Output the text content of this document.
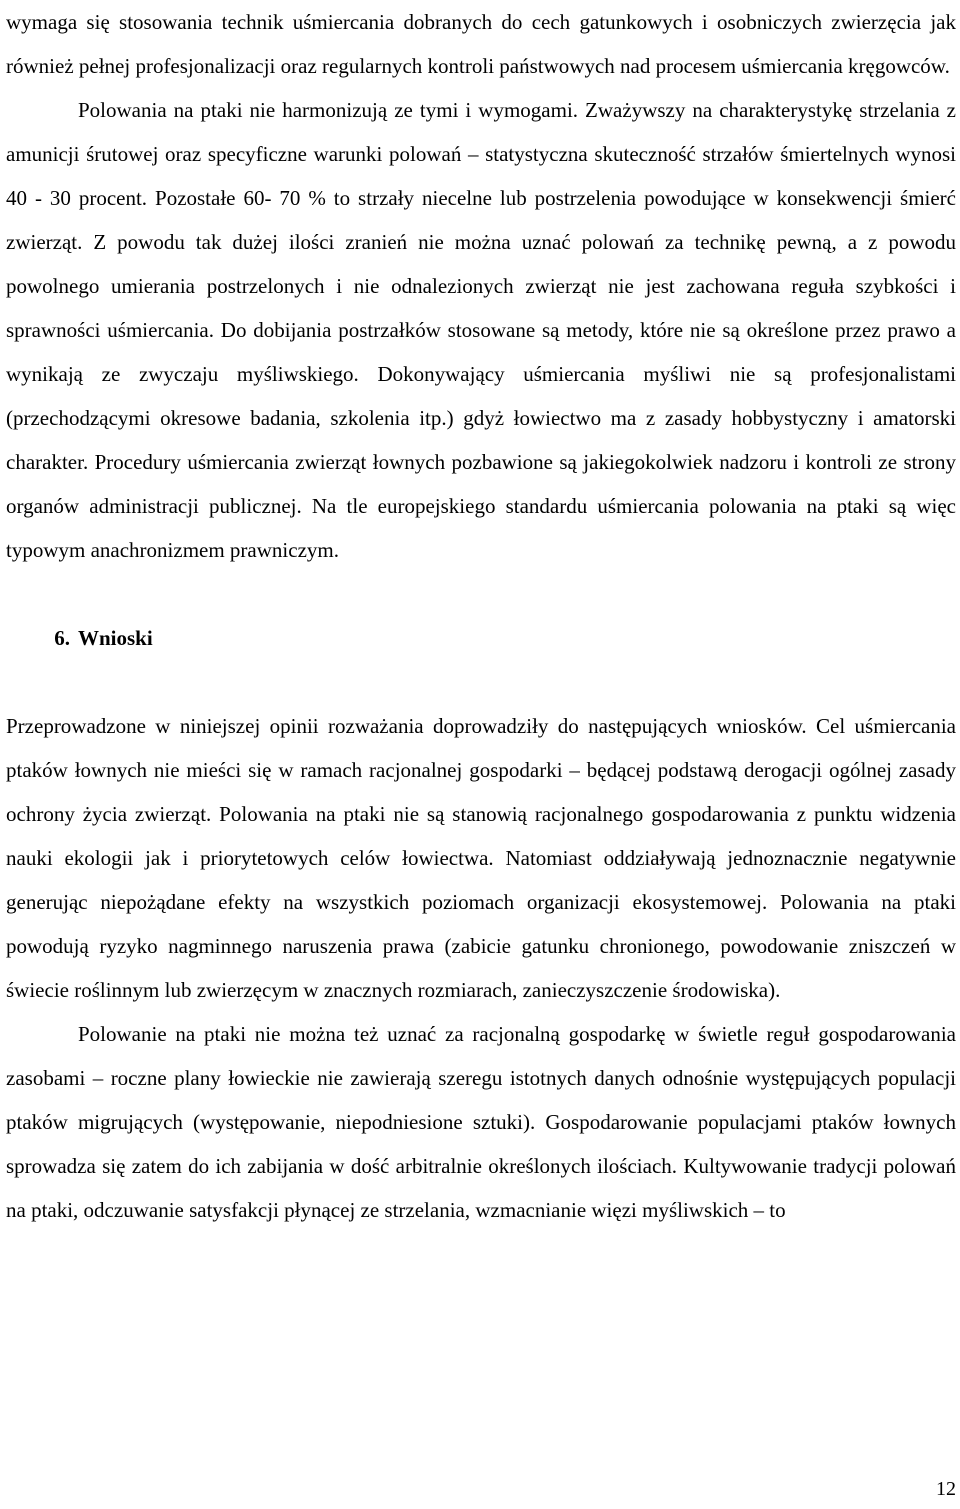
wymaga się stosowania technik uśmiercania dobranych do cech gatunkowych i osobniczych zwierzęcia jak również pełnej profesjonalizacji oraz regularnych kontroli państwowych nad procesem uśmiercania kręgowców.

Polowania na ptaki nie harmonizują ze tymi i wymogami. Zważywszy na charakterystykę strzelania z amunicji śrutowej oraz specyficzne warunki polowań – statystyczna skuteczność strzałów śmiertelnych wynosi 40 - 30 procent. Pozostałe 60- 70 % to strzały niecelne lub postrzelenia powodujące w konsekwencji śmierć zwierząt. Z powodu tak dużej ilości zranień nie można uznać polowań za technikę pewną, a z powodu powolnego umierania postrzelonych i nie odnalezionych zwierząt nie jest zachowana reguła szybkości i sprawności uśmiercania. Do dobijania postrzałków stosowane są metody, które nie są określone przez prawo a wynikają ze zwyczaju myśliwskiego. Dokonywający uśmiercania myśliwi nie są profesjonalistami (przechodzącymi okresowe badania, szkolenia itp.) gdyż łowiectwo ma z zasady hobbystyczny i amatorski charakter. Procedury uśmiercania zwierząt łownych pozbawione są jakiegokolwiek nadzoru i kontroli ze strony organów administracji publicznej. Na tle europejskiego standardu uśmiercania polowania na ptaki są więc typowym anachronizmem prawniczym.

6. Wnioski

Przeprowadzone w niniejszej opinii rozważania doprowadziły do następujących wniosków. Cel uśmiercania ptaków łownych nie mieści się w ramach racjonalnej gospodarki – będącej podstawą derogacji ogólnej zasady ochrony życia zwierząt. Polowania na ptaki nie są stanowią racjonalnego gospodarowania z punktu widzenia nauki ekologii jak i priorytetowych celów łowiectwa. Natomiast oddziaływają jednoznacznie negatywnie generując niepożądane efekty na wszystkich poziomach organizacji ekosystemowej. Polowania na ptaki powodują ryzyko nagminnego naruszenia prawa (zabicie gatunku chronionego, powodowanie zniszczeń w świecie roślinnym lub zwierzęcym w znacznych rozmiarach, zanieczyszczenie środowiska).

Polowanie na ptaki nie można też uznać za racjonalną gospodarkę w świetle reguł gospodarowania zasobami – roczne plany łowieckie nie zawierają szeregu istotnych danych odnośnie występujących populacji ptaków migrujących (występowanie, niepodniesione sztuki). Gospodarowanie populacjami ptaków łownych sprowadza się zatem do ich zabijania w dość arbitralnie określonych ilościach. Kultywowanie tradycji polowań na ptaki, odczuwanie satysfakcji płynącej ze strzelania, wzmacnianie więzi myśliwskich – to

12
